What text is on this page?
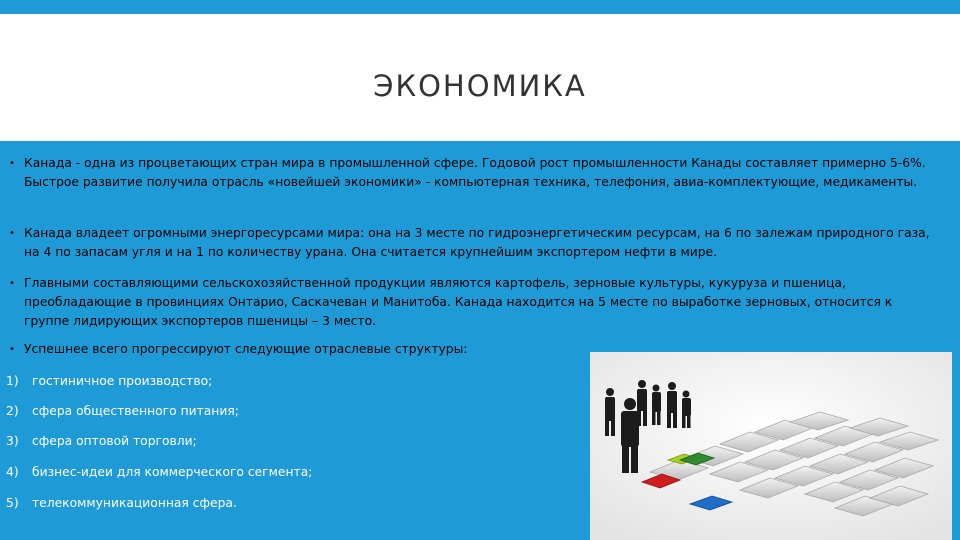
ЭКОНОМИКА
• Канада - одна из процветающих стран мира в промышленной сфере. Годовой рост промышленности Канады составляет примерно 5-6%. Быстрое развитие получила отрасль «новейшей экономики» - компьютерная техника, телефония, авиа-комплектующие, медикаменты.
• Канада владеет огромными энергоресурсами мира: она на 3 месте по гидроэнергетическим ресурсам, на 6 по залежам природного газа, на 4 по запасам угля и на 1 по количеству урана. Она считается крупнейшим экспортером нефти в мире.
• Главными составляющими сельскохозяйственной продукции являются картофель, зерновые культуры, кукуруза и пшеница, преобладающие в провинциях Онтарио, Саскачеван и Манитоба. Канада находится на 5 месте по выработке зерновых, относится к группе лидирующих экспортеров пшеницы – 3 место.
• Успешнее всего прогрессируют следующие отраслевые структуры:
1) гостиничное производство;
2) сфера общественного питания;
3) сфера оптовой торговли;
4) бизнес-идеи для коммерческого сегмента;
5) телекоммуникационная сфера.
